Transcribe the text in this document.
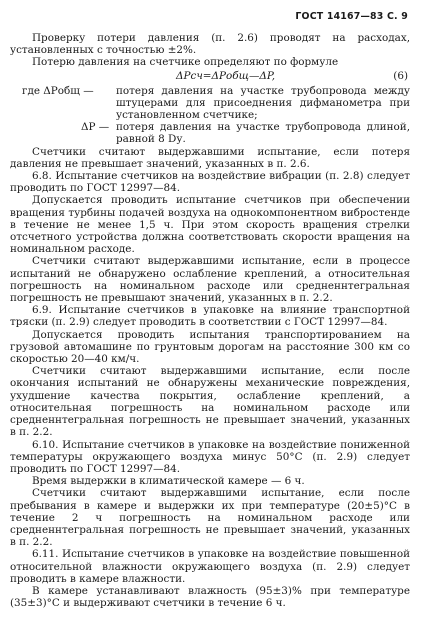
ГОСТ 14167—83 С. 9

Проверку потери давления (п. 2.6) проводят на расходах, установленных с точностью ±2%.

Потерю давления на счетчике определяют по формуле

ΔPсч=ΔPобщ—ΔP,	(6)
где ΔPобщ —	потеря давления на участке трубопровода между штуцерами для присоеднения дифманометра при установленном счетчике;
ΔP — потеря давления на участке трубопровода длиной, равной 8 Dу.

Счетчики считают выдержавшими испытание, если потеря давления не превышает значений, указанных в п. 2.6.

6.8. Испытание счетчиков на воздействие вибрации (п. 2.8) следует проводить по ГОСТ 12997—84.

Допускается проводить испытание счетчиков при обеспечении вращения турбины подачей воздуха на однокомпонентном вибростенде в течение не менее 1,5 ч. При этом скорость вращения стрелки отсчетного устройства должна соответствовать скорости вращения на номинальном расходе.

Счетчики считают выдержавшими испытание, если в процессе испытаний не обнаружено ослабление креплений, а относительная погрешность на номинальном расходе или средненнтегральная погрешность не превышают значений, указанных в п. 2.2.

6.9. Испытание счетчиков в упаковке на влияние транспортной тряски (п. 2.9) следует проводить в соответствии с ГОСТ 12997—84.

Допускается проводить испытания транспортированием на грузовой автомашине по грунтовым дорогам на расстояние 300 км со скоростью 20—40 км/ч.

Счетчики считают выдержавшими испытание, если после окончания испытаний не обнаружены механические повреждения, ухудшение качества покрытия, ослабление креплений, а относительная погрешность на номинальном расходе или средненнтегральная погрешность не превышает значений, указанных в п. 2.2.

6.10. Испытание счетчиков в упаковке на воздействие пониженной температуры окружающего воздуха минус 50°С (п. 2.9) следует проводить по ГОСТ 12997—84.

Время выдержки в климатической камере — 6 ч.

Счетчики считают выдержавшими испытание, если после пребывания в камере и выдержки их при температуре (20±5)°С в течение 2 ч погрешность на номинальном расходе или средненнтегральная погрешность не превышает значений, указанных в п. 2.2.

6.11. Испытание счетчиков в упаковке на воздействие повышенной относительной влажности окружающего воздуха (п. 2.9) следует проводить в камере влажности.

В камере устанавливают влажность (95±3)% при температуре (35±3)°С и выдерживают счетчики в течение 6 ч.
